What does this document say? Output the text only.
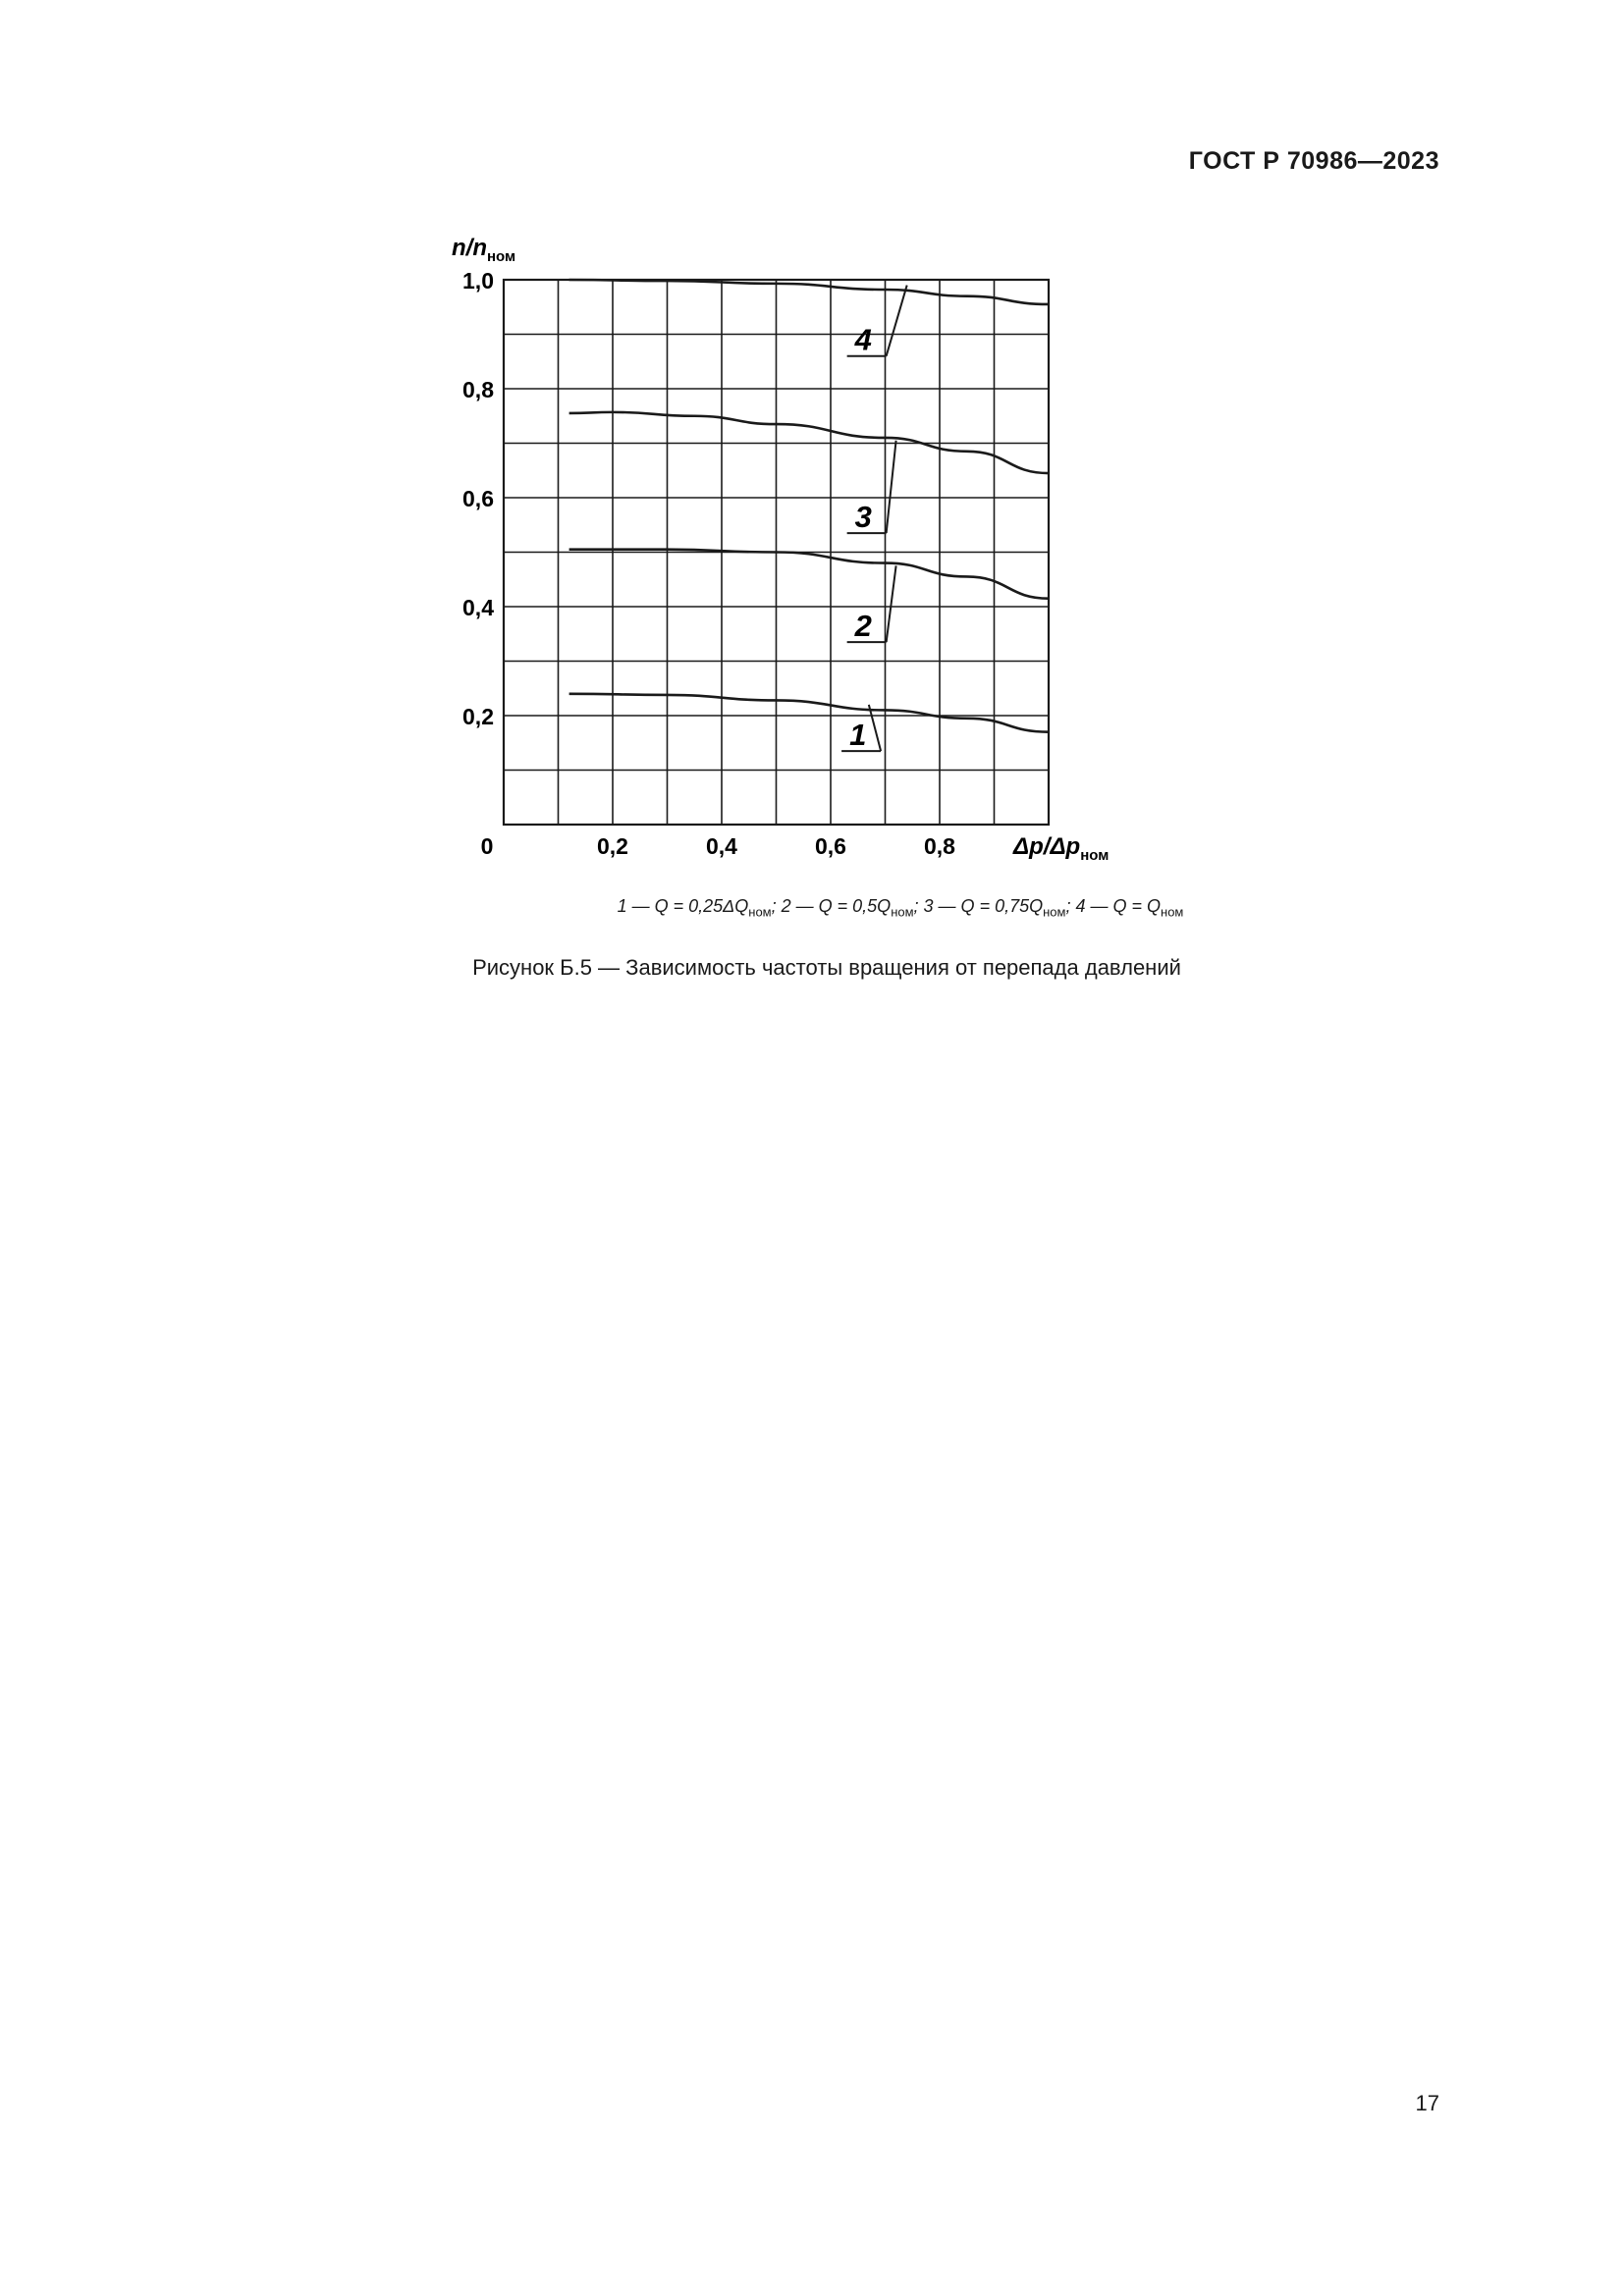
ГОСТ Р 70986—2023
1
2
3
4
0	0,2	0,4	0,6	0,8
0,2
0,4
0,6
0,8
1,0
$n/n_{ном}$
$\Delta p/\Delta p_{ном}$
1 — $Q = 0,25\Delta Q_{ном}$; 2 — $Q = 0,5Q_{ном}$; 3 — $Q = 0,75Q_{ном}$; 4 — $Q = Q_{ном}$
Рисунок Б.5 — Зависимость частоты вращения от перепада давлений
17
